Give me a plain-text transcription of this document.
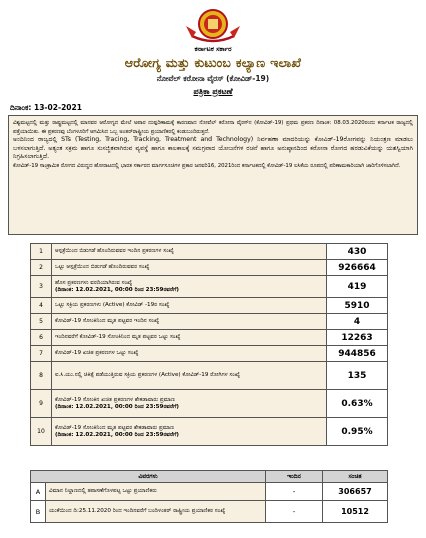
ಕರ್ನಾಟಕ ಸರ್ಕಾರ
ಆರೋಗ್ಯ ಮತ್ತು ಕುಟುಂಬ ಕಲ್ಯಾಣ ಇಲಾಖೆ
ನೋವೆಲ್ ಕರೋನಾ ವೈರಸ್ (ಕೋವಿಡ್-19)
ಪತ್ರಿಕಾ ಪ್ರಕಟಣೆ
ದಿನಾಂಕ: 13-02-2021

ವಿಶ್ವಮಟ್ಟದಲ್ಲಿ ಮತ್ತು ರಾಷ್ಟ್ರಮಟ್ಟದಲ್ಲಿ ಮಾನವರ ಆರೋಗ್ಯದ ಮೇಲೆ ಅಪಾರ ದುಷ್ಪರಿಣಾಮಕ್ಕೆ ಕಾರಣವಾದ ನೋವೆಲ್ ಕರೋನಾ ವೈರಸ್‌ನ (ಕೋವಿಡ್-19) ಪ್ರಥಮ ಪ್ರಕರಣ ದಿನಾಂಕ: 08.03.2020ರಂದು ಕರ್ನಾಟಕ ರಾಜ್ಯದಲ್ಲಿ ಪತ್ತೆಯಾಯಿತು. ಈ ಪ್ರಕರಣವು ಬೆಂಗಳೂರಿಗೆ ಆಗಮಿಸಿದ ಒಬ್ಬ ಅಂತರ್‌ರಾಷ್ಟ್ರೀಯ ಪ್ರಯಾಣಿಕರಲ್ಲಿ ಕಂಡುಬಂದಿರುತ್ತದೆ.

ಅಂದಿನಿಂದ ರಾಜ್ಯದಲ್ಲಿ STs (Testing, Tracing, Tracking, Treatment and Technology) ನಿರ್ವಹಣಾ ಮಾದರಿಯನ್ನು ಕೋವಿಡ್-19ರೋಗವನ್ನು ನಿಯಂತ್ರಣ ಮಾಡಲು ಬಳಸಲಾಗುತ್ತಿದೆ. ಅತ್ಯಂತ ಸಕ್ರಮ ಹಾಗೂ ಸುಸಜ್ಜಿತವಾಗಿರುವ ವ್ಯವಸ್ಥೆ ಹಾಗೂ ಕಾಲಕಾಲಕ್ಕೆ ಸಮಗ್ರವಾದ ಯೋಜನೆಗಳ ರಚನೆ ಹಾಗೂ ಅನುಷ್ಠಾನದಿಂದ ಕರೋನಾ ರೋಗದ ಹರಡುವಿಕೆಯನ್ನು ಯಶಸ್ವಿಯಾಗಿ ನಿಗ್ರಹಿಸಲಾಗುತ್ತಿದೆ.

ಕೋವಿಡ್-19 ಸಾಂಕ್ರಾಮಿಕ ರೋಗದ ವಿರುದ್ಧದ ಹೋರಾಟದಲ್ಲಿ ಭಾರತ ಸರ್ಕಾರದ ಮಾರ್ಗಸೂಚಿಗಳ ಪ್ರಕಾರ ಜನವರಿ16, 2021ರಿಂದ ಕರ್ನಾಟಕದಲ್ಲಿ ಕೋವಿಡ್-19 ಲಸಿಕೆಯ ರೂಪದಲ್ಲಿ ಪರಿಣಾಮಕಾರಿಯಾಗಿ ಜಾರಿಗೊಳಿಸಲಾಗಿದೆ.

1	ಆಸ್ಪತ್ರೆಯಿಂದ ಬಿಡುಗಡೆ ಹೊಂದಿರುವವರ ಇಂದಿನ ಪ್ರಕರಣಗಳ ಸಂಖ್ಯೆ	430
2	ಒಟ್ಟು ಆಸ್ಪತ್ರೆಯಿಂದ ಬಿಡುಗಡೆ ಹೊಂದಿರುವವರ ಸಂಖ್ಯೆ	926664
3	ಹೊಸ ಪ್ರಕರಣಗಳು ವರದಿಯಾಗಿರುವ ಸಂಖ್ಯೆ
(ದಿನಾಂಕ: 12.02.2021, 00:00 ರಿಂದ 23:59ರವರೆಗೆ)	419
4	ಒಟ್ಟು ಸಕ್ರಿಯ ಪ್ರಕರಣಗಳು (Active) ಕೋವಿಡ್ -19ರ ಸಂಖ್ಯೆ	5910
5	ಕೋವಿಡ್-19 ಸೋಂಕಿನಿಂದ ಮೃತ ಪಟ್ಟವರ ಇಂದಿನ ಸಂಖ್ಯೆ	4
6	ಇಂದಿನವರೆಗೆ ಕೋವಿಡ್-19 ಸೋಂಕಿನಿಂದ ಮೃತ ಪಟ್ಟವರ ಒಟ್ಟು ಸಂಖ್ಯೆ	12263
7	ಕೋವಿಡ್-19 ಖಚಿತ ಪ್ರಕರಣಗಳ ಒಟ್ಟು ಸಂಖ್ಯೆ	944856
8	ಐ.ಸಿ.ಯು.ನಲ್ಲಿ ಚಿಕಿತ್ಸೆ ಪಡೆಯುತ್ತಿರುವ ಸಕ್ರಿಯ ಪ್ರಕರಣಗಳ (Active) ಕೋವಿಡ್-19 ರೋಗಿಗಳ ಸಂಖ್ಯೆ	135
9	ಕೋವಿಡ್-19 ಸೋಂಕಿನ ಖಚಿತ ಪ್ರಕರಣಗಳ ಶೇಕಡಾವಾರು ಪ್ರಮಾಣ
(ದಿನಾಂಕ: 12.02.2021, 00:00 ರಿಂದ 23:59ರವರೆಗೆ)	0.63%
10	ಕೋವಿಡ್-19 ಸೋಂಕಿನಿಂದ ಮೃತ ಪಟ್ಟವರ ಶೇಕಡಾವಾರು ಪ್ರಮಾಣ
(ದಿನಾಂಕ: 12.02.2021, 00:00 ರಿಂದ 23:59ರವರೆಗೆ)	0.95%
ವಿವರಗಳು		ಇಂದಿನ	ಸಂಚಿತ
A	ವಿಮಾನ ನಿಲ್ದಾಣದಲ್ಲಿ ತಪಾಸಣೆಗೊಳಪಟ್ಟ ಒಟ್ಟು ಪ್ರಯಾಣಿಕರು	-	306657
B	ಯುಕೆಯಿಂದ ದಿ:25.11.2020 ರಿಂದ ಇಂದಿನವರೆಗೆ ಬಂದಿಳಂತರ್ ರಾಷ್ಟ್ರೀಯ ಪ್ರಯಾಣಿಕರ ಸಂಖ್ಯೆ	-	10512
